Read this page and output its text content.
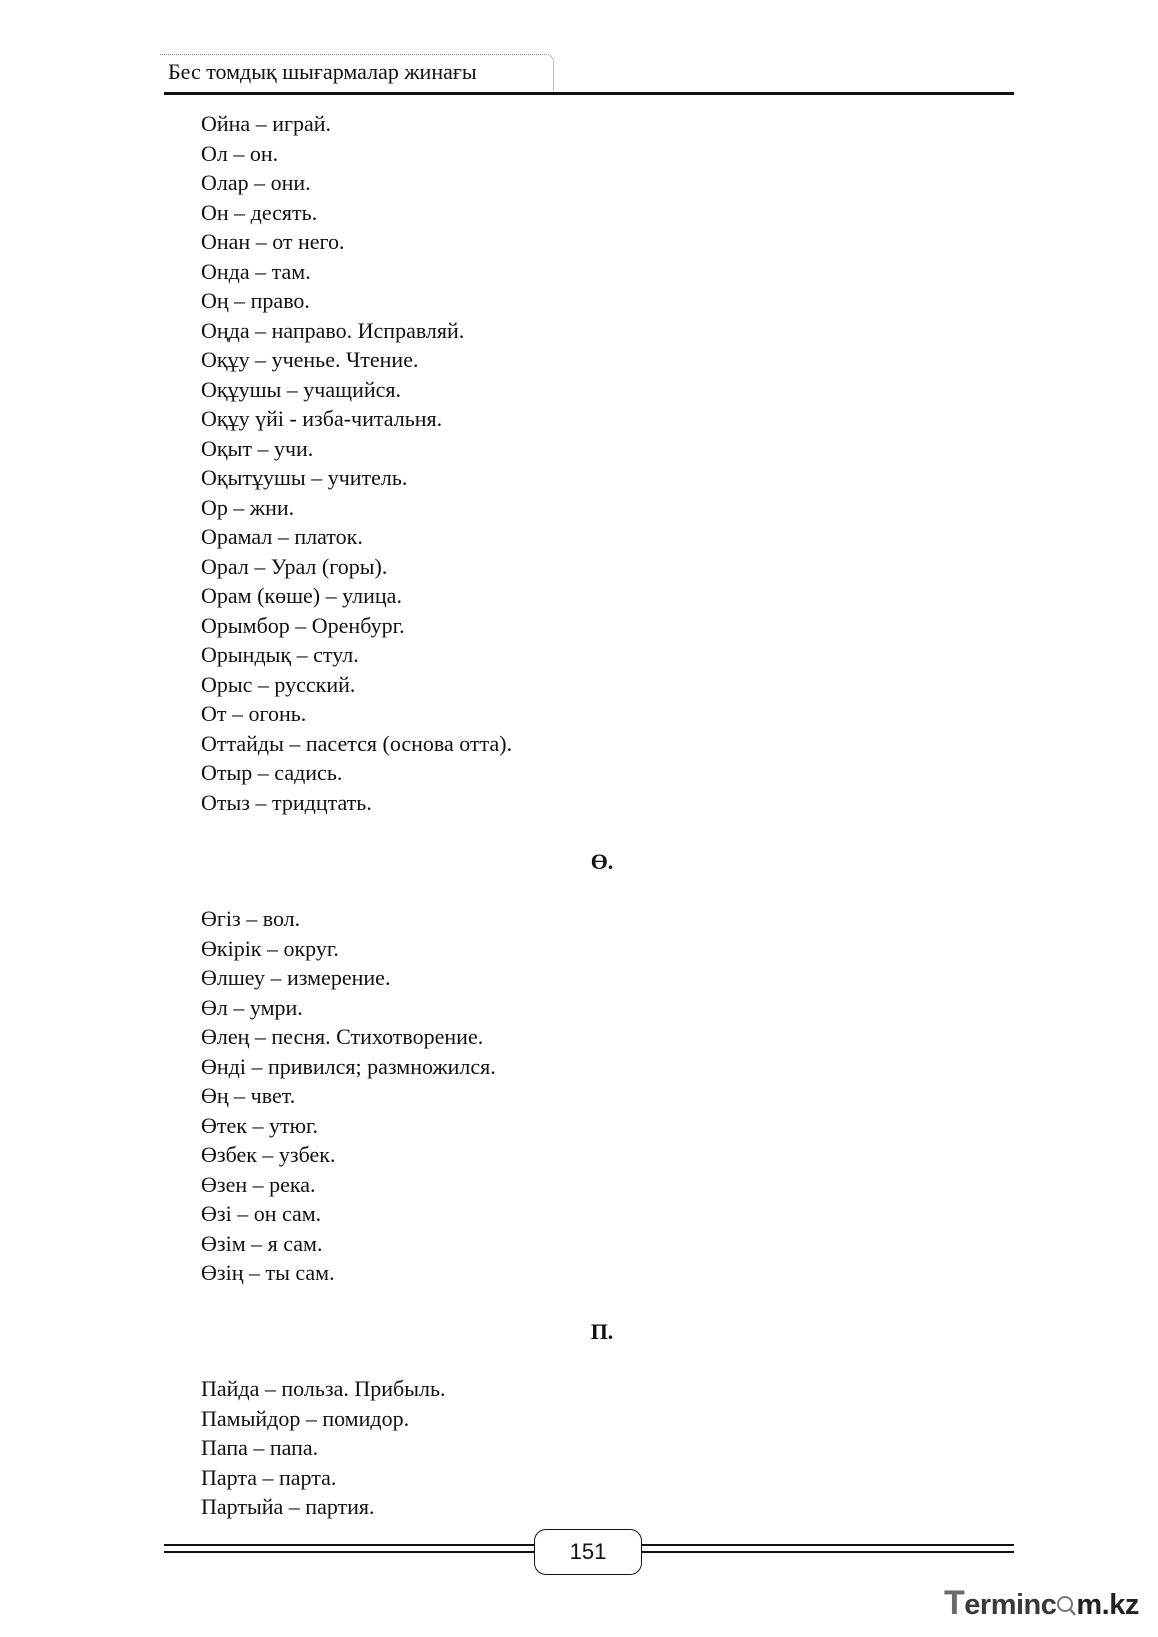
Бес томдық шығармалар жинағы
Ойна – играй.
Ол – он.
Олар – они.
Он – десять.
Онан – от него.
Онда – там.
Оң – право.
Оңда – направо. Исправляй.
Оқұу – ученье. Чтение.
Оқұушы – учащийся.
Оқұу үйі - изба-читальня.
Оқыт – учи.
Оқытұушы – учитель.
Ор – жни.
Орамал – платок.
Орал – Урал (горы).
Орам (көше) – улица.
Орымбор – Оренбург.
Орындық – стул.
Орыс – русский.
От – огонь.
Оттайды – пасется (основа отта).
Отыр – садись.
Отыз – тридцтать.
Ө.
Өгіз – вол.
Өкірік – округ.
Өлшеу – измерение.
Өл – умри.
Өлең – песня. Стихотворение.
Өнді – привился; размножился.
Өң – чвет.
Өтек – утюг.
Өзбек – узбек.
Өзен – река.
Өзі – он сам.
Өзім – я сам.
Өзің – ты сам.
П.
Пайда – польза. Прибыль.
Памыйдор – помидор.
Папа – папа.
Парта – парта.
Партыйа – партия.
151
Terminc m.kz
